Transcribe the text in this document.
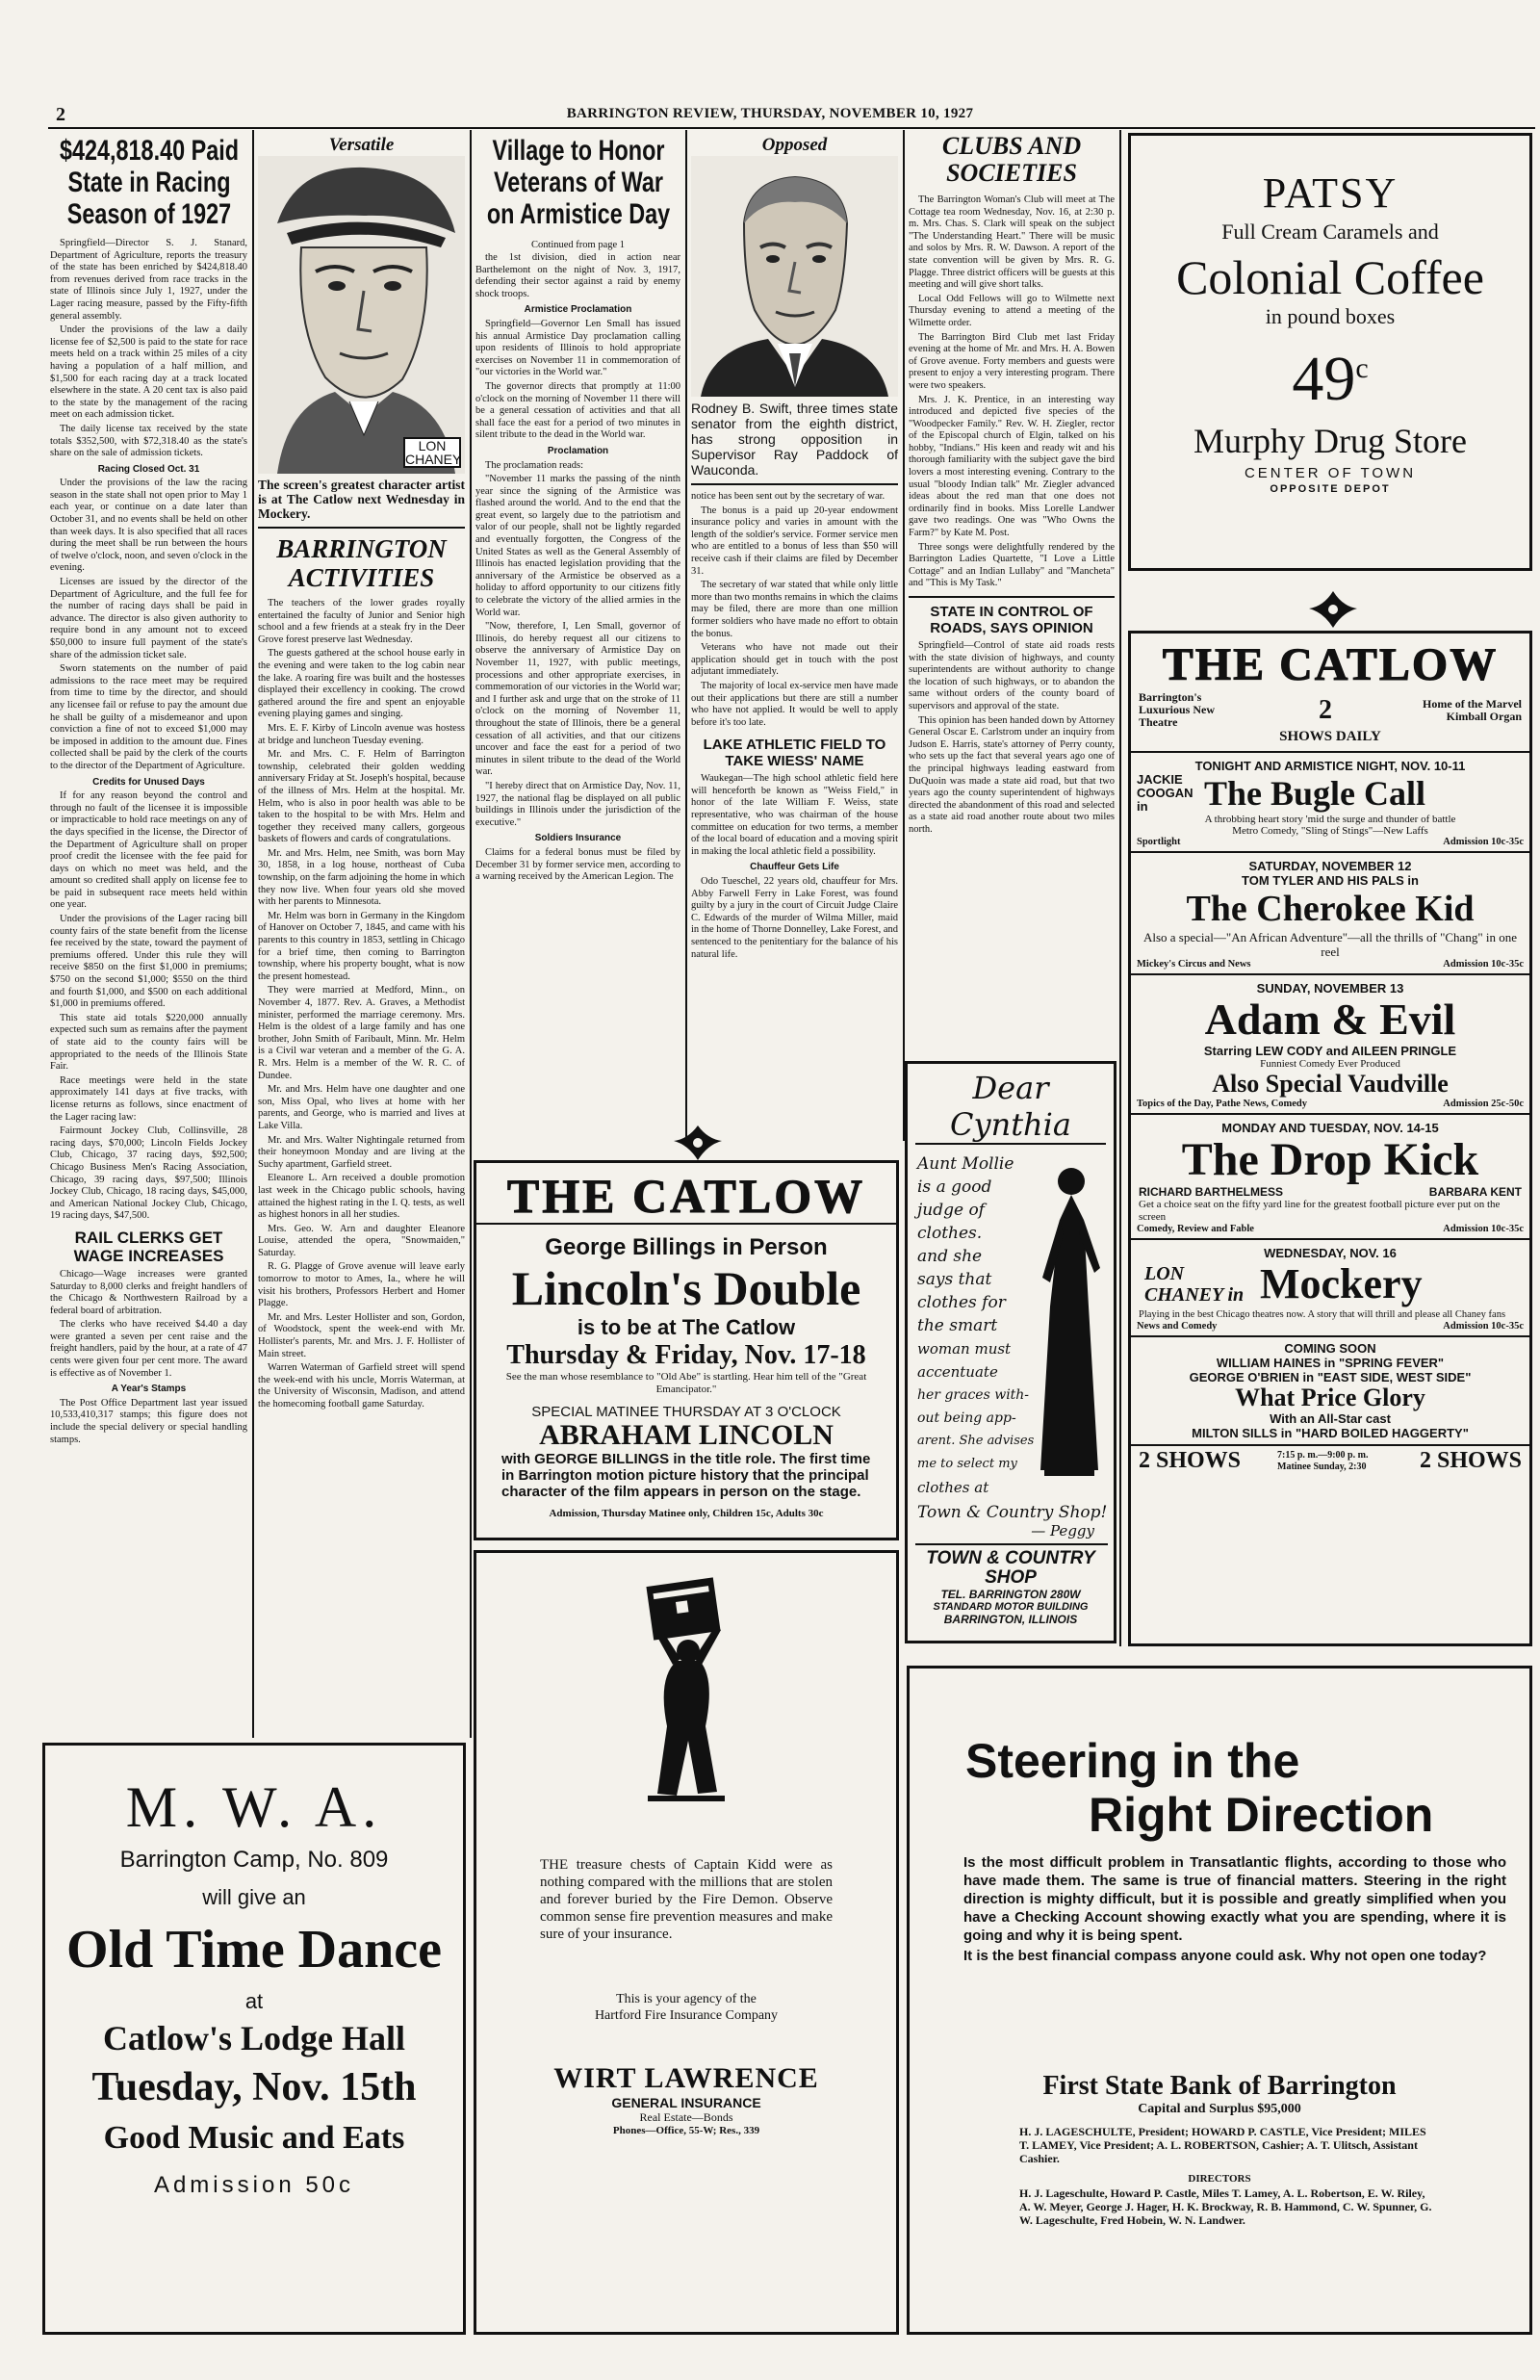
2	BARRINGTON REVIEW, THURSDAY, NOVEMBER 10, 1927
$424,818.40 Paid State in Racing Season of 1927

Springfield—Director S. J. Stanard, Department of Agriculture, reports the treasury of the state has been enriched by $424,818.40 from revenues derived from race tracks in the state of Illinois since July 1, 1927, under the Lager racing measure, passed by the Fifty-fifth general assembly.

Under the provisions of the law a daily license fee of $2,500 is paid to the state for race meets held on a track within 25 miles of a city having a population of a half million, and $1,500 for each racing day at a track located elsewhere in the state. A 20 cent tax is also paid to the state by the management of the racing meet on each admission ticket.

The daily license tax received by the state totals $352,500, with $72,318.40 as the state's share on the sale of admission tickets.

Racing Closed Oct. 31

Under the provisions of the law the racing season in the state shall not open prior to May 1 each year, or continue on a date later than October 31, and no events shall be held on other than week days. It is also specified that all races during the meet shall be run between the hours of twelve o'clock, noon, and seven o'clock in the evening.

Licenses are issued by the director of the Department of Agriculture, and the full fee for the number of racing days shall be paid in advance. The director is also given authority to require bond in any amount not to exceed $50,000 to insure full payment of the state's share of the admission ticket sale.

Sworn statements on the number of paid admissions to the race meet may be required from time to time by the director, and should any licensee fail or refuse to pay the amount due he shall be guilty of a misdemeanor and upon conviction a fine of not to exceed $1,000 may be imposed in addition to the amount due. Fines collected shall be paid by the clerk of the courts to the director of the Department of Agriculture.

Credits for Unused Days

If for any reason beyond the control and through no fault of the licensee it is impossible or impracticable to hold race meetings on any of the days specified in the license, the Director of the Department of Agriculture shall on proper proof credit the licensee with the fee paid for days on which no meet was held, and the amount so credited shall apply on license fee to be paid in subsequent race meets held within one year.

Under the provisions of the Lager racing bill county fairs of the state benefit from the license fee received by the state, toward the payment of premiums offered. Under this rule they will receive $850 on the first $1,000 in premiums; $750 on the second $1,000; $550 on the third and fourth $1,000, and $500 on each additional $1,000 in premiums offered.

This state aid totals $220,000 annually expected such sum as remains after the payment of state aid to the county fairs will be appropriated to the needs of the Illinois State Fair.

Race meetings were held in the state approximately 141 days at five tracks, with license returns as follows, since enactment of the Lager racing law:

Fairmount Jockey Club, Collinsville, 28 racing days, $70,000; Lincoln Fields Jockey Club, Chicago, 37 racing days, $92,500; Chicago Business Men's Racing Association, Chicago, 39 racing days, $97,500; Illinois Jockey Club, Chicago, 18 racing days, $45,000, and American National Jockey Club, Chicago, 19 racing days, $47,500.

RAIL CLERKS GET WAGE INCREASES

Chicago—Wage increases were granted Saturday to 8,000 clerks and freight handlers of the Chicago & Northwestern Railroad by a federal board of arbitration.

The clerks who have received $4.40 a day were granted a seven per cent raise and the freight handlers, paid by the hour, at a rate of 47 cents were given four per cent more. The award is effective as of November 1.

A Year's Stamps

The Post Office Department last year issued 10,533,410,317 stamps; this figure does not include the special delivery or special handling stamps.

Versatile
LON CHANEY
The screen's greatest character artist is at The Catlow next Wednesday in Mockery.
BARRINGTON ACTIVITIES

The teachers of the lower grades royally entertained the faculty of Junior and Senior high school and a few friends at a steak fry in the Deer Grove forest preserve last Wednesday.

The guests gathered at the school house early in the evening and were taken to the log cabin near the lake. A roaring fire was built and the hostesses displayed their excellency in cooking. The crowd gathered around the fire and spent an enjoyable evening playing games and singing.

Mrs. E. F. Kirby of Lincoln avenue was hostess at bridge and luncheon Tuesday evening.

Mr. and Mrs. C. F. Helm of Barrington township, celebrated their golden wedding anniversary Friday at St. Joseph's hospital, because of the illness of Mrs. Helm at the hospital. Mr. Helm, who is also in poor health was able to be taken to the hospital to be with Mrs. Helm and together they received many callers, gorgeous baskets of flowers and cards of congratulations.

Mr. and Mrs. Helm, nee Smith, was born May 30, 1858, in a log house, northeast of Cuba township, on the farm adjoining the home in which they now live. When four years old she moved with her parents to Minnesota.

Mr. Helm was born in Germany in the Kingdom of Hanover on October 7, 1845, and came with his parents to this country in 1853, settling in Chicago for a brief time, then coming to Barrington township, where his property bought, what is now the present homestead.

They were married at Medford, Minn., on November 4, 1877. Rev. A. Graves, a Methodist minister, performed the marriage ceremony. Mrs. Helm is the oldest of a large family and has one brother, John Smith of Faribault, Minn. Mr. Helm is a Civil war veteran and a member of the G. A. R. Mrs. Helm is a member of the W. R. C. of Dundee.

Mr. and Mrs. Helm have one daughter and one son, Miss Opal, who lives at home with her parents, and George, who is married and lives at Lake Villa.

Mr. and Mrs. Walter Nightingale returned from their honeymoon Monday and are living at the Suchy apartment, Garfield street.

Eleanore L. Arn received a double promotion last week in the Chicago public schools, having attained the highest rating in the I. Q. tests, as well as highest honors in all her studies.

Mrs. Geo. W. Arn and daughter Eleanore Louise, attended the opera, "Snowmaiden," Saturday.

R. G. Plagge of Grove avenue will leave early tomorrow to motor to Ames, Ia., where he will visit his brothers, Professors Herbert and Homer Plagge.

Mr. and Mrs. Lester Hollister and son, Gordon, of Woodstock, spent the week-end with Mr. Hollister's parents, Mr. and Mrs. J. F. Hollister of Main street.

Warren Waterman of Garfield street will spend the week-end with his uncle, Morris Waterman, at the University of Wisconsin, Madison, and attend the homecoming football game Saturday.

Village to Honor Veterans of War on Armistice Day
Continued from page 1

the 1st division, died in action near Barthelemont on the night of Nov. 3, 1917, defending their sector against a raid by enemy shock troops.

Armistice Proclamation

Springfield—Governor Len Small has issued his annual Armistice Day proclamation calling upon residents of Illinois to hold appropriate exercises on November 11 in commemoration of "our victories in the World war."

The governor directs that promptly at 11:00 o'clock on the morning of November 11 there will be a general cessation of activities and that all shall face the east for a period of two minutes in silent tribute to the dead in the World war.

Proclamation

The proclamation reads:

"November 11 marks the passing of the ninth year since the signing of the Armistice was flashed around the world. And to the end that the great event, so largely due to the patriotism and valor of our people, shall not be lightly regarded and eventually forgotten, the Congress of the United States as well as the General Assembly of Illinois has enacted legislation providing that the anniversary of the Armistice be observed as a holiday to afford opportunity to our citizens fitly to celebrate the victory of the allied armies in the World war.

"Now, therefore, I, Len Small, governor of Illinois, do hereby request all our citizens to observe the anniversary of Armistice Day on November 11, 1927, with public meetings, processions and other appropriate exercises, in commemoration of our victories in the World war; and I further ask and urge that on the stroke of 11 o'clock on the morning of November 11, throughout the state of Illinois, there be a general cessation of all activities, and that our citizens uncover and face the east for a period of two minutes in silent tribute to the dead of the World war.

"I hereby direct that on Armistice Day, Nov. 11, 1927, the national flag be displayed on all public buildings in Illinois under the jurisdiction of the executive."

Soldiers Insurance

Claims for a federal bonus must be filed by December 31 by former service men, according to a warning received by the American Legion. The

Opposed
Rodney B. Swift, three times state senator from the eighth district, has strong opposition in Supervisor Ray Paddock of Wauconda.

notice has been sent out by the secretary of war.

The bonus is a paid up 20-year endowment insurance policy and varies in amount with the length of the soldier's service. Former service men who are entitled to a bonus of less than $50 will receive cash if their claims are filed by December 31.

The secretary of war stated that while only little more than two months remains in which the claims may be filed, there are more than one million former soldiers who have made no effort to obtain the bonus.

Veterans who have not made out their application should get in touch with the post adjutant immediately.

The majority of local ex-service men have made out their applications but there are still a number who have not applied. It would be well to apply before it's too late.

LAKE ATHLETIC FIELD TO TAKE WIESS' NAME

Waukegan—The high school athletic field here will henceforth be known as "Weiss Field," in honor of the late William F. Weiss, state representative, who was chairman of the house committee on education for two terms, a member of the local board of education and a moving spirit in making the local athletic field a possibility.

Chauffeur Gets Life

Odo Tueschel, 22 years old, chauffeur for Mrs. Abby Farwell Ferry in Lake Forest, was found guilty by a jury in the court of Circuit Judge Claire C. Edwards of the murder of Wilma Miller, maid in the home of Thorne Donnelley, Lake Forest, and sentenced to the penitentiary for the balance of his natural life.

CLUBS AND SOCIETIES

The Barrington Woman's Club will meet at The Cottage tea room Wednesday, Nov. 16, at 2:30 p. m. Mrs. Chas. S. Clark will speak on the subject "The Understanding Heart." There will be music and solos by Mrs. R. W. Dawson. A report of the state convention will be given by Mrs. R. G. Plagge. Three district officers will be guests at this meeting and will give short talks.

Local Odd Fellows will go to Wilmette next Thursday evening to attend a meeting of the Wilmette order.

The Barrington Bird Club met last Friday evening at the home of Mr. and Mrs. H. A. Bowen of Grove avenue. Forty members and guests were present to enjoy a very interesting program. There were two speakers.

Mrs. J. K. Prentice, in an interesting way introduced and depicted five species of the "Woodpecker Family." Rev. W. H. Ziegler, rector of the Episcopal church of Elgin, talked on his hobby, "Indians." His keen and ready wit and his thorough familiarity with the subject gave the bird lovers a most interesting evening. Contrary to the usual "bloody Indian talk" Mr. Ziegler advanced ideas about the red man that one does not ordinarily find in books. Miss Lorelle Landwer gave two readings. One was "Who Owns the Farm?" by Kate M. Post.

Three songs were delightfully rendered by the Barrington Ladies Quartette, "I Love a Little Cottage" and an Indian Lullaby" and "Mancheta" and "This is My Task."

STATE IN CONTROL OF ROADS, SAYS OPINION

Springfield—Control of state aid roads rests with the state division of highways, and county superintendents are without authority to change the location of such highways, or to abandon the same without orders of the county board of supervisors and approval of the state.

This opinion has been handed down by Attorney General Oscar E. Carlstrom under an inquiry from Judson E. Harris, state's attorney of Perry county, who sets up the fact that several years ago one of the principal highways leading eastward from DuQuoin was made a state aid road, but that two years ago the county superintendent of highways directed the abandonment of this road and selected as a state aid road another route about two miles north.

Dear Cynthia
Aunt Mollie
is a good
judge of
clothes.
and she
says that
clothes for
the smart
woman must
accentuate
her graces with-
out being app-
arent. She advises
me to select my
clothes at
Town & Country Shop!
— Peggy
TOWN & COUNTRY SHOP
TEL. BARRINGTON 280W
STANDARD MOTOR BUILDING
BARRINGTON, ILLINOIS
PATSY
Full Cream Caramels and
Colonial Coffee
in pound boxes
49$^c$
Murphy Drug Store
CENTER OF TOWN
OPPOSITE DEPOT
THE CATLOW
Barrington's Luxurious New Theatre	2	Home of the Marvel Kimball Organ
SHOWS DAILY
TONIGHT AND ARMISTICE NIGHT, NOV. 10-11
JACKIE COOGAN in	The Bugle Call
A throbbing heart story 'mid the surge and thunder of battle
Metro Comedy, "Sling of Stings"—New Laffs
Sportlight	Admission 10c-35c
SATURDAY, NOVEMBER 12
TOM TYLER AND HIS PALS in
The Cherokee Kid
Also a special—"An African Adventure"—all the thrills of "Chang" in one reel
Mickey's Circus and News	Admission 10c-35c
SUNDAY, NOVEMBER 13
Adam & Evil
Starring LEW CODY and AILEEN PRINGLE
Funniest Comedy Ever Produced
Also Special Vaudville
Topics of the Day, Pathe News, Comedy	Admission 25c-50c
MONDAY AND TUESDAY, NOV. 14-15
The Drop Kick
RICHARD BARTHELMESS	BARBARA KENT
Get a choice seat on the fifty yard line for the greatest football picture ever put on the screen
Comedy, Review and Fable	Admission 10c-35c
WEDNESDAY, NOV. 16
LON CHANEY in Mockery
Playing in the best Chicago theatres now. A story that will thrill and please all Chaney fans
News and Comedy	Admission 10c-35c
COMING SOON
WILLIAM HAINES in "SPRING FEVER"
GEORGE O'BRIEN in "EAST SIDE, WEST SIDE"
What Price Glory
With an All-Star cast
MILTON SILLS in "HARD BOILED HAGGERTY"
2 SHOWS	7:15 p. m.—9:00 p. m. Matinee Sunday, 2:30	2 SHOWS
THE CATLOW
George Billings in Person
Lincoln's Double
is to be at The Catlow
Thursday & Friday, Nov. 17-18
See the man whose resemblance to "Old Abe" is startling. Hear him tell of the "Great Emancipator."
SPECIAL MATINEE THURSDAY AT 3 O'CLOCK
ABRAHAM LINCOLN
with GEORGE BILLINGS in the title role. The first time in Barrington motion picture history that the principal character of the film appears in person on the stage.
Admission, Thursday Matinee only, Children 15c, Adults 30c
M. W. A.
Barrington Camp, No. 809
will give an
Old Time Dance
at
Catlow's Lodge Hall
Tuesday, Nov. 15th
Good Music and Eats
Admission 50c
THE treasure chests of Captain Kidd were as nothing compared with the millions that are stolen and forever buried by the Fire Demon. Observe common sense fire prevention measures and make sure of your insurance.
This is your agency of the Hartford Fire Insurance Company
WIRT LAWRENCE
GENERAL INSURANCE
Real Estate—Bonds
Phones—Office, 55-W; Res., 339
Steering in the
Right Direction
Is the most difficult problem in Transatlantic flights, according to those who have made them. The same is true of financial matters. Steering in the right direction is mighty difficult, but it is possible and greatly simplified when you have a Checking Account showing exactly what you are spending, where it is going and why it is being spent.
It is the best financial compass anyone could ask. Why not open one today?
First State Bank of Barrington
Capital and Surplus $95,000
H. J. LAGESCHULTE, President; HOWARD P. CASTLE, Vice President; MILES T. LAMEY, Vice President; A. L. ROBERTSON, Cashier; A. T. Ulitsch, Assistant Cashier.
DIRECTORS
H. J. Lageschulte, Howard P. Castle, Miles T. Lamey, A. L. Robertson, E. W. Riley, A. W. Meyer, George J. Hager, H. K. Brockway, R. B. Hammond, C. W. Spunner, G. W. Lageschulte, Fred Hobein, W. N. Landwer.
